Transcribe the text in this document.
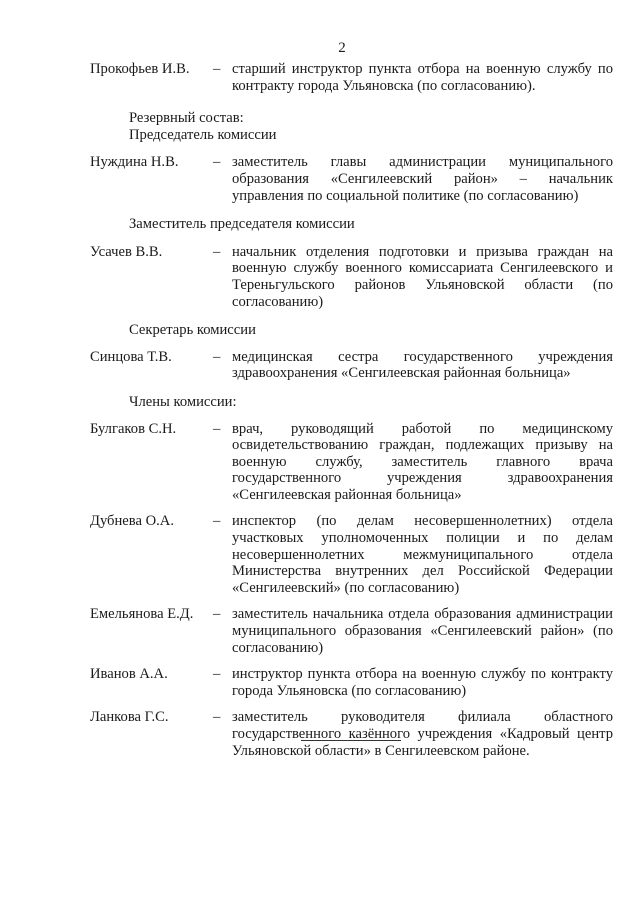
2
Прокофьев И.В.	– старший инструктор пункта отбора на военную службу по контракту города Ульяновска (по согласованию).
Резервный состав:
Председатель комиссии
Нуждина Н.В.	– заместитель главы администрации муниципального образования «Сенгилеевский район» – начальник управления по социальной политике (по согласованию)
Заместитель председателя комиссии
Усачев В.В.	– начальник отделения подготовки и призыва граждан на военную службу военного комиссариата Сенгилеевского и Тереньгульского районов Ульяновской области (по согласованию)
Секретарь комиссии
Синцова Т.В.	– медицинская сестра государственного учреждения здравоохранения «Сенгилеевская районная больница»
Члены комиссии:
Булгаков С.Н.	– врач, руководящий работой по медицинскому освидетельствованию граждан, подлежащих призыву на военную службу, заместитель главного врача государственного учреждения здравоохранения «Сенгилеевская районная больница»
Дубнева О.А.	– инспектор (по делам несовершеннолетних) отдела участковых уполномоченных полиции и по делам несовершеннолетних межмуниципального отдела Министерства внутренних дел Российской Федерации «Сенгилеевский» (по согласованию)
Емельянова Е.Д.	– заместитель начальника отдела образования администрации муниципального образования «Сенгилеевский район» (по согласованию)
Иванов А.А.	– инструктор пункта отбора на военную службу по контракту города Ульяновска (по согласованию)
Ланкова Г.С.	– заместитель руководителя филиала областного государственного казённого учреждения «Кадровый центр Ульяновской области» в Сенгилеевском районе.
